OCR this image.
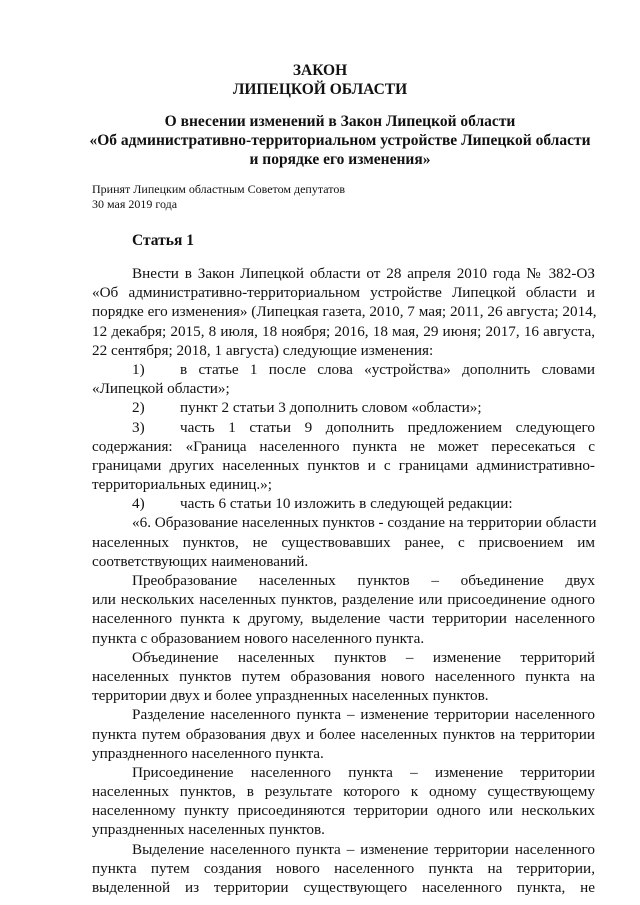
ЗАКОН
ЛИПЕЦКОЙ ОБЛАСТИ
О внесении изменений в Закон Липецкой области
«Об административно-территориальном устройстве Липецкой области
и порядке его изменения»
Принят Липецким областным Советом депутатов
30 мая 2019 года
Статья 1
Внести в Закон Липецкой области от 28 апреля 2010 года № 382-ОЗ
«Об административно-территориальном устройстве Липецкой области и
порядке его изменения» (Липецкая газета, 2010, 7 мая; 2011, 26 августа; 2014,
12 декабря; 2015, 8 июля, 18 ноября; 2016, 18 мая, 29 июня; 2017, 16 августа,
22 сентября; 2018, 1 августа) следующие изменения:
1)	в статье 1 после слова «устройства» дополнить словами
«Липецкой области»;
2)	пункт 2 статьи 3 дополнить словом «области»;
3)	часть 1 статьи 9 дополнить предложением следующего
содержания: «Граница населенного пункта не может пересекаться с
границами других населенных пунктов и с границами административно-
территориальных единиц.»;
4)	часть 6 статьи 10 изложить в следующей редакции:
«6. Образование населенных пунктов - создание на территории области
населенных пунктов, не существовавших ранее, с присвоением им
соответствующих наименований.
Преобразование населенных пунктов – объединение двух
или нескольких населенных пунктов, разделение или присоединение одного
населенного пункта к другому, выделение части территории населенного
пункта с образованием нового населенного пункта.
Объединение населенных пунктов – изменение территорий
населенных пунктов путем образования нового населенного пункта на
территории двух и более упраздненных населенных пунктов.
Разделение населенного пункта – изменение территории населенного
пункта путем образования двух и более населенных пунктов на территории
упраздненного населенного пункта.
Присоединение населенного пункта – изменение территории
населенных пунктов, в результате которого к одному существующему
населенному пункту присоединяются территории одного или нескольких
упраздненных населенных пунктов.
Выделение населенного пункта – изменение территории населенного
пункта путем создания нового населенного пункта на территории,
выделенной из территории существующего населенного пункта, не
